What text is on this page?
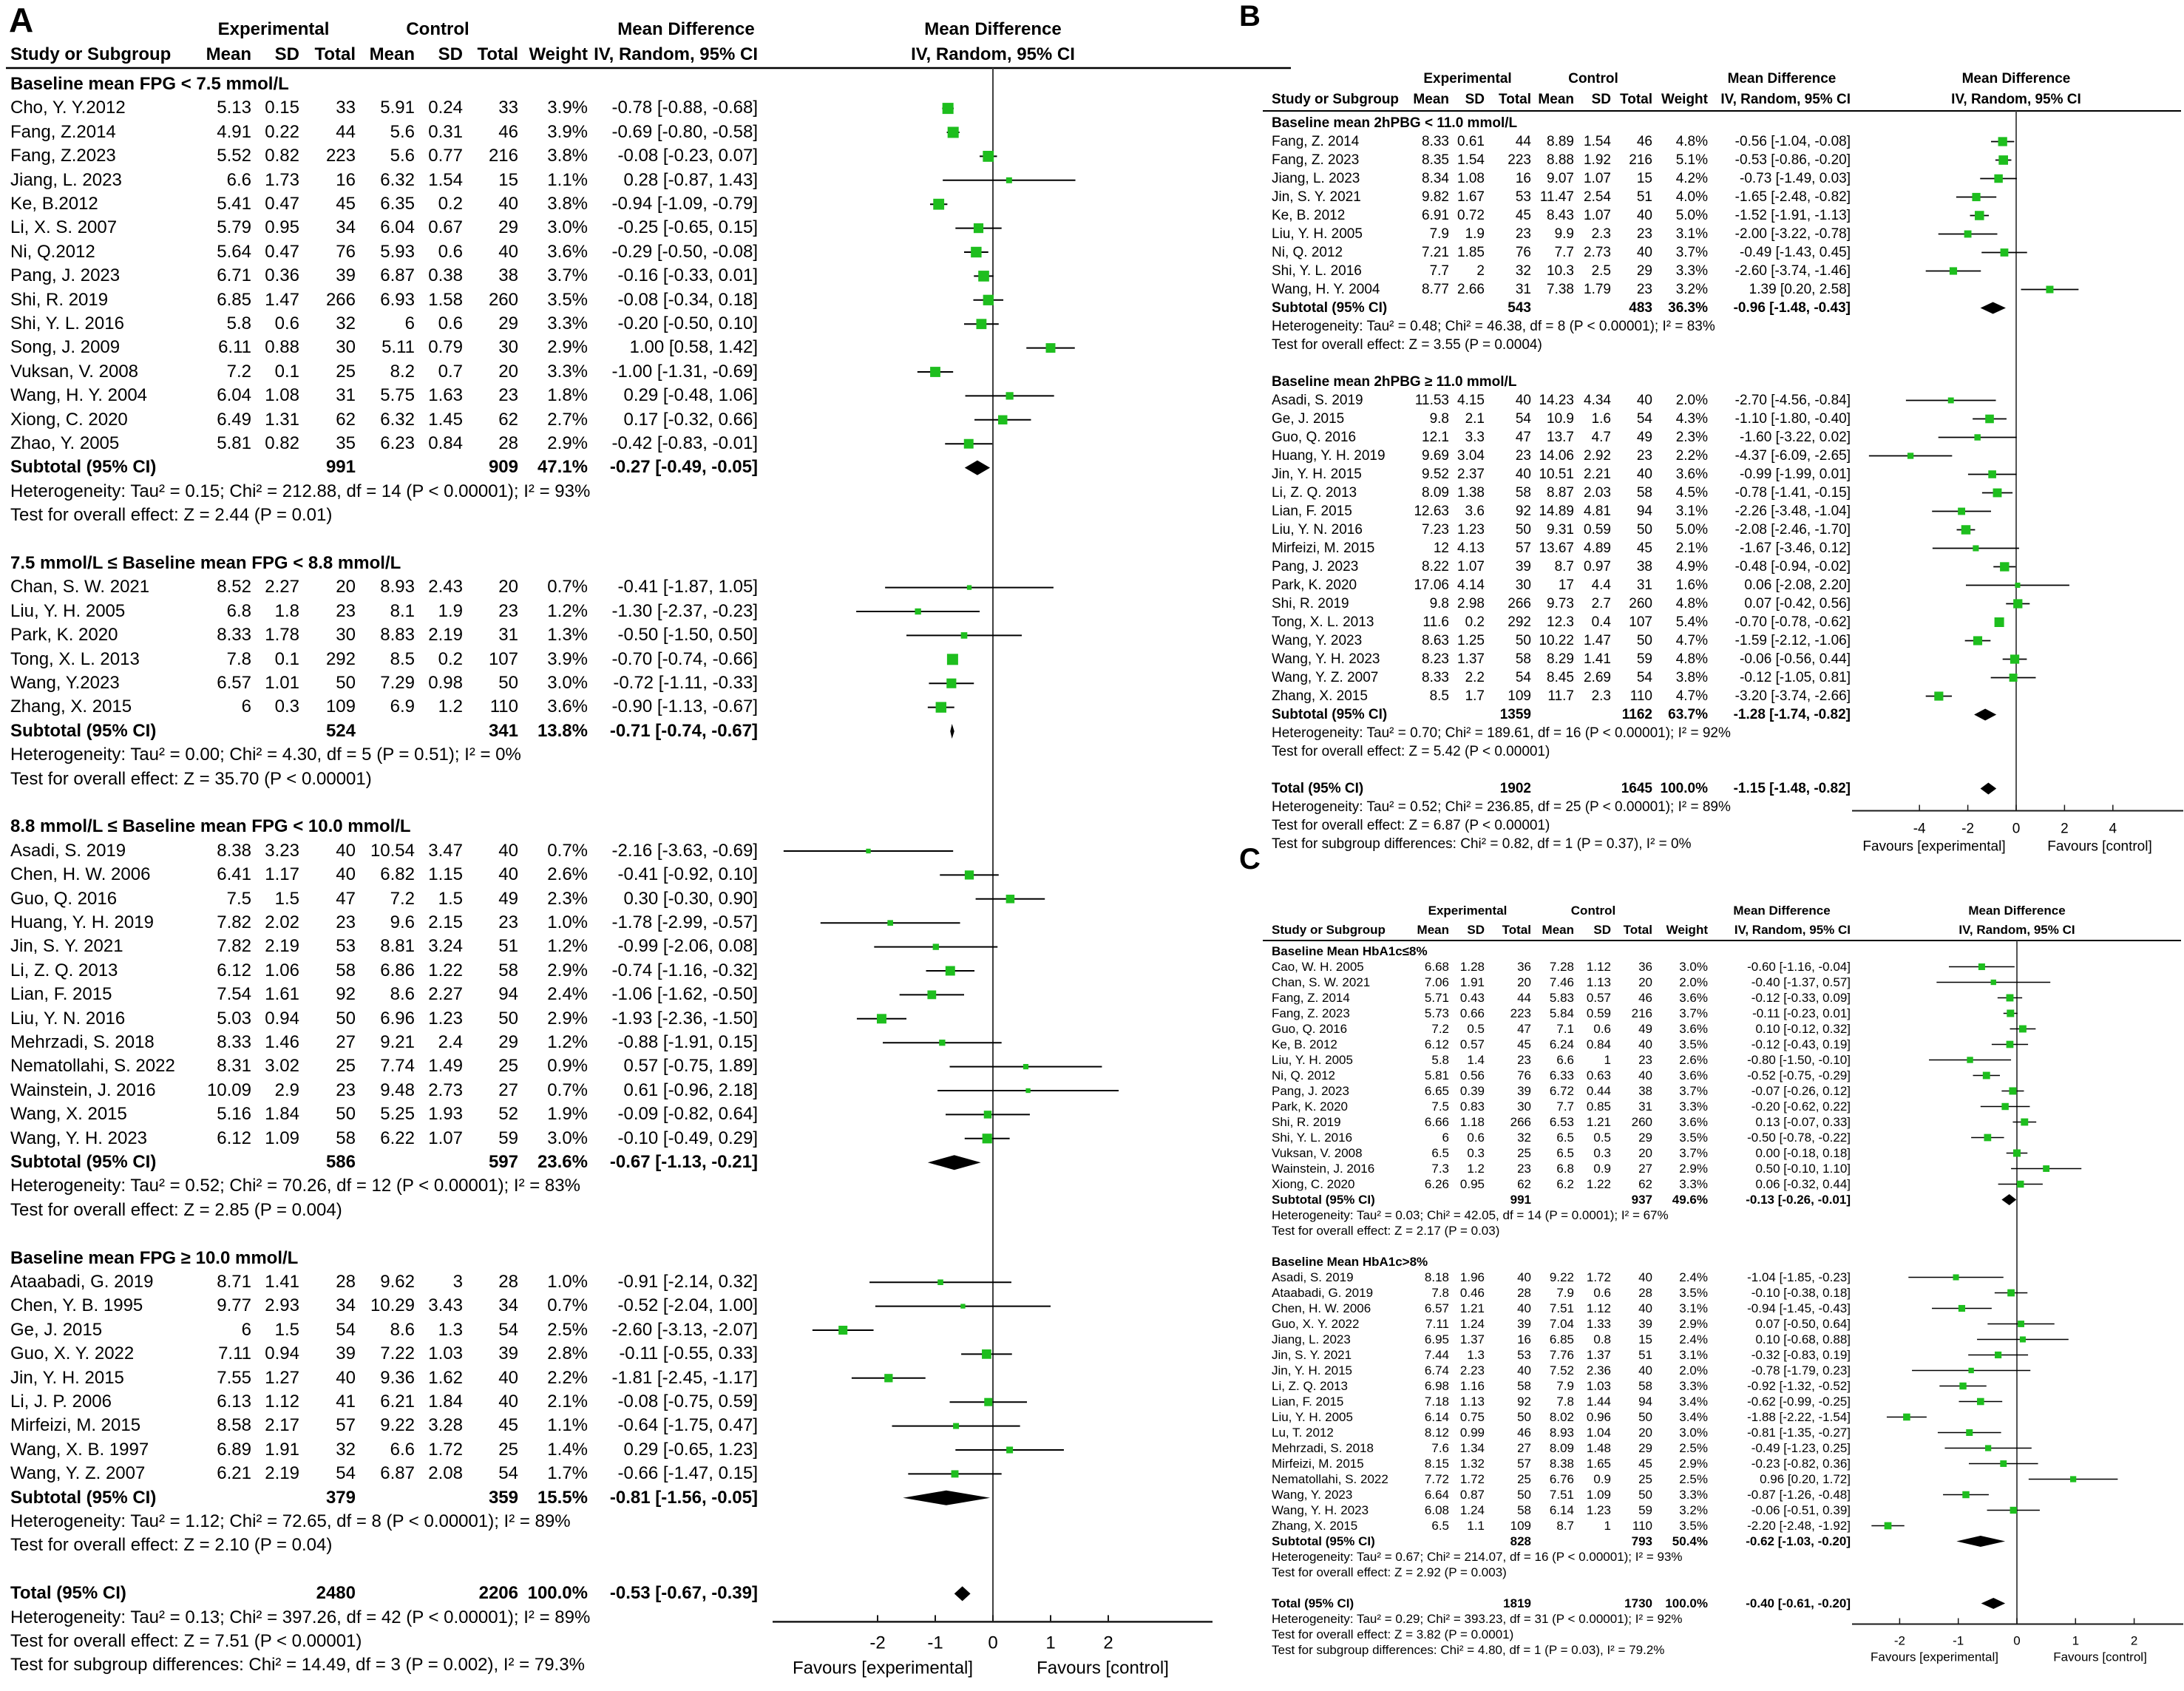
A	Experimental	Control	Mean Difference	Mean Difference
Study or Subgroup Mean SD Total Mean SD Total Weight IV, Random, 95% CI	IV, Random, 95% CI
-2 -1	0	1	2
Favours [experimental]	Favours [control]
Baseline mean FPG < 7.5 mmol/L
Cho, Y. Y.2012	5.13 0.15 33 5.91 0.24 33 3.9% -0.78 [-0.88, -0.68]
Fang, Z.2014	4.91 0.22 44 5.6 0.31 46 3.9% -0.69 [-0.80, -0.58]
Fang, Z.2023	5.52 0.82 223 5.6 0.77 216 3.8% -0.08 [-0.23, 0.07]
Jiang, L. 2023	6.6 1.73 16 6.32 1.54 15 1.1% 0.28 [-0.87, 1.43]
Ke, B.2012	5.41 0.47 45 6.35 0.2 40 3.8% -0.94 [-1.09, -0.79]
Li, X. S. 2007	5.79 0.95 34 6.04 0.67 29 3.0% -0.25 [-0.65, 0.15]
Ni, Q.2012	5.64 0.47 76 5.93 0.6 40 3.6% -0.29 [-0.50, -0.08]
Pang, J. 2023	6.71 0.36 39 6.87 0.38 38 3.7% -0.16 [-0.33, 0.01]
Shi, R. 2019	6.85 1.47 266 6.93 1.58 260 3.5% -0.08 [-0.34, 0.18]
Shi, Y. L. 2016	5.8 0.6 32	6 0.6 29 3.3% -0.20 [-0.50, 0.10]
Song, J. 2009	6.11 0.88 30 5.11 0.79 30 2.9% 1.00 [0.58, 1.42]
Vuksan, V. 2008	7.2 0.1 25 8.2 0.7 20 3.3% -1.00 [-1.31, -0.69]
Wang, H. Y. 2004	6.04 1.08 31 5.75 1.63 23 1.8% 0.29 [-0.48, 1.06]
Xiong, C. 2020	6.49 1.31 62 6.32 1.45 62 2.7% 0.17 [-0.32, 0.66]
Zhao, Y. 2005	5.81 0.82 35 6.23 0.84 28 2.9% -0.42 [-0.83, -0.01]
Subtotal (95% CI)	991	909 47.1% -0.27 [-0.49, -0.05]
Heterogeneity: Tau² = 0.15; Chi² = 212.88, df = 14 (P < 0.00001); I² = 93%
Test for overall effect: Z = 2.44 (P = 0.01)
7.5 mmol/L ≤ Baseline mean FPG < 8.8 mmol/L
Chan, S. W. 2021	8.52 2.27 20 8.93 2.43 20 0.7% -0.41 [-1.87, 1.05]
Liu, Y. H. 2005	6.8 1.8 23 8.1 1.9 23 1.2% -1.30 [-2.37, -0.23]
Park, K. 2020	8.33 1.78 30 8.83 2.19 31 1.3% -0.50 [-1.50, 0.50]
Tong, X. L. 2013	7.8 0.1 292 8.5 0.2 107 3.9% -0.70 [-0.74, -0.66]
Wang, Y.2023	6.57 1.01 50 7.29 0.98 50 3.0% -0.72 [-1.11, -0.33]
Zhang, X. 2015	6 0.3 109 6.9 1.2 110 3.6% -0.90 [-1.13, -0.67]
Subtotal (95% CI)	524	341 13.8% -0.71 [-0.74, -0.67]
Heterogeneity: Tau² = 0.00; Chi² = 4.30, df = 5 (P = 0.51); I² = 0%
Test for overall effect: Z = 35.70 (P < 0.00001)
8.8 mmol/L ≤ Baseline mean FPG < 10.0 mmol/L
Asadi, S. 2019	8.38 3.23 40 10.54 3.47 40 0.7% -2.16 [-3.63, -0.69]
Chen, H. W. 2006	6.41 1.17 40 6.82 1.15 40 2.6% -0.41 [-0.92, 0.10]
Guo, Q. 2016	7.5 1.5 47 7.2 1.5 49 2.3% 0.30 [-0.30, 0.90]
Huang, Y. H. 2019	7.82 2.02 23 9.6 2.15 23 1.0% -1.78 [-2.99, -0.57]
Jin, S. Y. 2021	7.82 2.19 53 8.81 3.24 51 1.2% -0.99 [-2.06, 0.08]
Li, Z. Q. 2013	6.12 1.06 58 6.86 1.22 58 2.9% -0.74 [-1.16, -0.32]
Lian, F. 2015	7.54 1.61 92 8.6 2.27 94 2.4% -1.06 [-1.62, -0.50]
Liu, Y. N. 2016	5.03 0.94 50 6.96 1.23 50 2.9% -1.93 [-2.36, -1.50]
Mehrzadi, S. 2018	8.33 1.46 27 9.21 2.4 29 1.2% -0.88 [-1.91, 0.15]
Nematollahi, S. 2022 8.31 3.02 25 7.74 1.49 25 0.9% 0.57 [-0.75, 1.89]
Wainstein, J. 2016	10.09 2.9 23 9.48 2.73 27 0.7% 0.61 [-0.96, 2.18]
Wang, X. 2015	5.16 1.84 50 5.25 1.93 52 1.9% -0.09 [-0.82, 0.64]
Wang, Y. H. 2023	6.12 1.09 58 6.22 1.07 59 3.0% -0.10 [-0.49, 0.29]
Subtotal (95% CI)	586	597 23.6% -0.67 [-1.13, -0.21]
Heterogeneity: Tau² = 0.52; Chi² = 70.26, df = 12 (P < 0.00001); I² = 83%
Test for overall effect: Z = 2.85 (P = 0.004)
Baseline mean FPG ≥ 10.0 mmol/L
Ataabadi, G. 2019	8.71 1.41 28 9.62 3 28 1.0% -0.91 [-2.14, 0.32]
Chen, Y. B. 1995	9.77 2.93 34 10.29 3.43 34 0.7% -0.52 [-2.04, 1.00]
Ge, J. 2015	6 1.5 54 8.6 1.3 54 2.5% -2.60 [-3.13, -2.07]
Guo, X. Y. 2022	7.11 0.94 39 7.22 1.03 39 2.8% -0.11 [-0.55, 0.33]
Jin, Y. H. 2015	7.55 1.27 40 9.36 1.62 40 2.2% -1.81 [-2.45, -1.17]
Li, J. P. 2006	6.13 1.12 41 6.21 1.84 40 2.1% -0.08 [-0.75, 0.59]
Mirfeizi, M. 2015	8.58 2.17 57 9.22 3.28 45 1.1% -0.64 [-1.75, 0.47]
Wang, X. B. 1997	6.89 1.91 32 6.6 1.72 25 1.4% 0.29 [-0.65, 1.23]
Wang, Y. Z. 2007	6.21 2.19 54 6.87 2.08 54 1.7% -0.66 [-1.47, 0.15]
Subtotal (95% CI)	379	359 15.5% -0.81 [-1.56, -0.05]
Heterogeneity: Tau² = 1.12; Chi² = 72.65, df = 8 (P < 0.00001); I² = 89%
Test for overall effect: Z = 2.10 (P = 0.04)
Total (95% CI)	2480	2206 100.0% -0.53 [-0.67, -0.39]
Heterogeneity: Tau² = 0.13; Chi² = 397.26, df = 42 (P < 0.00001); I² = 89%
Test for overall effect: Z = 7.51 (P < 0.00001)
Test for subgroup differences: Chi² = 14.49, df = 3 (P = 0.002), I² = 79.3%
B
Experimental	Control	Mean Difference	Mean Difference
Study or Subgroup Mean SD Total Mean SD Total Weight IV, Random, 95% CI	IV, Random, 95% CI
-4	-2	0	2	4
Favours [experimental]	Favours [control]
Baseline mean 2hPBG < 11.0 mmol/L
Fang, Z. 2014	8.33 0.61 44 8.89 1.54 46 4.8% -0.56 [-1.04, -0.08]
Fang, Z. 2023	8.35 1.54 223 8.88 1.92 216 5.1% -0.53 [-0.86, -0.20]
Jiang, L. 2023	8.34 1.08 16 9.07 1.07 15 4.2% -0.73 [-1.49, 0.03]
Jin, S. Y. 2021	9.82 1.67 53 11.47 2.54 51 4.0% -1.65 [-2.48, -0.82]
Ke, B. 2012	6.91 0.72 45 8.43 1.07 40 5.0% -1.52 [-1.91, -1.13]
Liu, Y. H. 2005	7.9 1.9 23 9.9 2.3 23 3.1% -2.00 [-3.22, -0.78]
Ni, Q. 2012	7.21 1.85 76 7.7 2.73 40 3.7% -0.49 [-1.43, 0.45]
Shi, Y. L. 2016	7.7 2 32 10.3 2.5 29 3.3% -2.60 [-3.74, -1.46]
Wang, H. Y. 2004	8.77 2.66 31 7.38 1.79 23 3.2%	1.39 [0.20, 2.58]
Subtotal (95% CI)	543	483 36.3% -0.96 [-1.48, -0.43]
Heterogeneity: Tau² = 0.48; Chi² = 46.38, df = 8 (P < 0.00001); I² = 83%
Test for overall effect: Z = 3.55 (P = 0.0004)
Baseline mean 2hPBG ≥ 11.0 mmol/L
Asadi, S. 2019	11.53 4.15 40 14.23 4.34 40 2.0% -2.70 [-4.56, -0.84]
Ge, J. 2015	9.8 2.1 54 10.9 1.6 54 4.3% -1.10 [-1.80, -0.40]
Guo, Q. 2016	12.1 3.3 47 13.7 4.7 49 2.3% -1.60 [-3.22, 0.02]
Huang, Y. H. 2019	9.69 3.04 23 14.06 2.92 23 2.2% -4.37 [-6.09, -2.65]
Jin, Y. H. 2015	9.52 2.37 40 10.51 2.21 40 3.6% -0.99 [-1.99, 0.01]
Li, Z. Q. 2013	8.09 1.38 58 8.87 2.03 58 4.5% -0.78 [-1.41, -0.15]
Lian, F. 2015	12.63 3.6 92 14.89 4.81 94 3.1% -2.26 [-3.48, -1.04]
Liu, Y. N. 2016	7.23 1.23 50 9.31 0.59 50 5.0% -2.08 [-2.46, -1.70]
Mirfeizi, M. 2015	12 4.13 57 13.67 4.89 45 2.1% -1.67 [-3.46, 0.12]
Pang, J. 2023	8.22 1.07 39 8.7 0.97 38 4.9% -0.48 [-0.94, -0.02]
Park, K. 2020	17.06 4.14 30 17 4.4 31 1.6%	0.06 [-2.08, 2.20]
Shi, R. 2019	9.8 2.98 266 9.73 2.7 260 4.8%	0.07 [-0.42, 0.56]
Tong, X. L. 2013	11.6 0.2 292 12.3 0.4 107 5.4% -0.70 [-0.78, -0.62]
Wang, Y. 2023	8.63 1.25 50 10.22 1.47 50 4.7% -1.59 [-2.12, -1.06]
Wang, Y. H. 2023	8.23 1.37 58 8.29 1.41 59 4.8% -0.06 [-0.56, 0.44]
Wang, Y. Z. 2007	8.33 2.2 54 8.45 2.69 54 3.8% -0.12 [-1.05, 0.81]
Zhang, X. 2015	8.5 1.7 109 11.7 2.3 110 4.7% -3.20 [-3.74, -2.66]
Subtotal (95% CI)	1359	1162 63.7% -1.28 [-1.74, -0.82]
Heterogeneity: Tau² = 0.70; Chi² = 189.61, df = 16 (P < 0.00001); I² = 92%
Test for overall effect: Z = 5.42 (P < 0.00001)
Total (95% CI)	1902	1645 100.0% -1.15 [-1.48, -0.82]
Heterogeneity: Tau² = 0.52; Chi² = 236.85, df = 25 (P < 0.00001); I² = 89%
Test for overall effect: Z = 6.87 (P < 0.00001)
Test for subgroup differences: Chi² = 0.82, df = 1 (P = 0.37), I² = 0%
C
Experimental	Control	Mean Difference	Mean Difference
Study or Subgroup	Mean SD Total Mean SD Total Weight IV, Random, 95% CI	IV, Random, 95% CI
-2	-1	0	1	2
Favours [experimental]	Favours [control]
Baseline Mean HbA1c≤8%
Cao, W. H. 2005	6.68 1.28	36 7.28 1.12 36 3.0%	-0.60 [-1.16, -0.04]
Chan, S. W. 2021	7.06 1.91	20 7.46 1.13 20 2.0%	-0.40 [-1.37, 0.57]
Fang, Z. 2014	5.71 0.43	44 5.83 0.57 46 3.6%	-0.12 [-0.33, 0.09]
Fang, Z. 2023	5.73 0.66 223 5.84 0.59 216 3.7%	-0.11 [-0.23, 0.01]
Guo, Q. 2016	7.2 0.5	47 7.1 0.6 49 3.6%	0.10 [-0.12, 0.32]
Ke, B. 2012	6.12 0.57	45 6.24 0.84 40 3.5%	-0.12 [-0.43, 0.19]
Liu, Y. H. 2005	5.8 1.4	23 6.6 1 23 2.6%	-0.80 [-1.50, -0.10]
Ni, Q. 2012	5.81 0.56	76 6.33 0.63 40 3.6%	-0.52 [-0.75, -0.29]
Pang, J. 2023	6.65 0.39	39 6.72 0.44 38 3.7%	-0.07 [-0.26, 0.12]
Park, K. 2020	7.5 0.83	30 7.7 0.85 31 3.3%	-0.20 [-0.62, 0.22]
Shi, R. 2019	6.66 1.18 266 6.53 1.21 260 3.6%	0.13 [-0.07, 0.33]
Shi, Y. L. 2016	6 0.6	32 6.5 0.5 29 3.5%	-0.50 [-0.78, -0.22]
Vuksan, V. 2008	6.5 0.3	25 6.5 0.3 20 3.7%	0.00 [-0.18, 0.18]
Wainstein, J. 2016	7.3 1.2	23 6.8 0.9 27 2.9%	0.50 [-0.10, 1.10]
Xiong, C. 2020	6.26 0.95	62 6.2 1.22 62 3.3%	0.06 [-0.32, 0.44]
Subtotal (95% CI)	991	937 49.6%	-0.13 [-0.26, -0.01]
Heterogeneity: Tau² = 0.03; Chi² = 42.05, df = 14 (P = 0.0001); I² = 67%
Test for overall effect: Z = 2.17 (P = 0.03)
Baseline Mean HbA1c>8%
Asadi, S. 2019	8.18 1.96	40 9.22 1.72 40 2.4%	-1.04 [-1.85, -0.23]
Ataabadi, G. 2019	7.8 0.46	28 7.9 0.6 28 3.5%	-0.10 [-0.38, 0.18]
Chen, H. W. 2006	6.57 1.21	40 7.51 1.12 40 3.1%	-0.94 [-1.45, -0.43]
Guo, X. Y. 2022	7.11 1.24	39 7.04 1.33 39 2.9%	0.07 [-0.50, 0.64]
Jiang, L. 2023	6.95 1.37	16 6.85 0.8 15 2.4%	0.10 [-0.68, 0.88]
Jin, S. Y. 2021	7.44 1.3	53 7.76 1.37 51 3.1%	-0.32 [-0.83, 0.19]
Jin, Y. H. 2015	6.74 2.23	40 7.52 2.36 40 2.0%	-0.78 [-1.79, 0.23]
Li, Z. Q. 2013	6.98 1.16	58 7.9 1.03 58 3.3%	-0.92 [-1.32, -0.52]
Lian, F. 2015	7.18 1.13	92 7.8 1.44 94 3.4%	-0.62 [-0.99, -0.25]
Liu, Y. H. 2005	6.14 0.75	50 8.02 0.96 50 3.4%	-1.88 [-2.22, -1.54]
Lu, T. 2012	8.12 0.99	46 8.93 1.04 20 3.0%	-0.81 [-1.35, -0.27]
Mehrzadi, S. 2018	7.6 1.34	27 8.09 1.48 29 2.5%	-0.49 [-1.23, 0.25]
Mirfeizi, M. 2015	8.15 1.32	57 8.38 1.65 45 2.9%	-0.23 [-0.82, 0.36]
Nematollahi, S. 2022	7.72 1.72	25 6.76 0.9 25 2.5%	0.96 [0.20, 1.72]
Wang, Y. 2023	6.64 0.87	50 7.51 1.09 50 3.3%	-0.87 [-1.26, -0.48]
Wang, Y. H. 2023	6.08 1.24	58 6.14 1.23 59 3.2%	-0.06 [-0.51, 0.39]
Zhang, X. 2015	6.5 1.1 109 8.7 1 110 3.5%	-2.20 [-2.48, -1.92]
Subtotal (95% CI)	828	793 50.4%	-0.62 [-1.03, -0.20]
Heterogeneity: Tau² = 0.67; Chi² = 214.07, df = 16 (P < 0.00001); I² = 93%
Test for overall effect: Z = 2.92 (P = 0.003)
Total (95% CI)	1819	1730 100.0%	-0.40 [-0.61, -0.20]
Heterogeneity: Tau² = 0.29; Chi² = 393.23, df = 31 (P < 0.00001); I² = 92%
Test for overall effect: Z = 3.82 (P = 0.0001)
Test for subgroup differences: Chi² = 4.80, df = 1 (P = 0.03), I² = 79.2%
